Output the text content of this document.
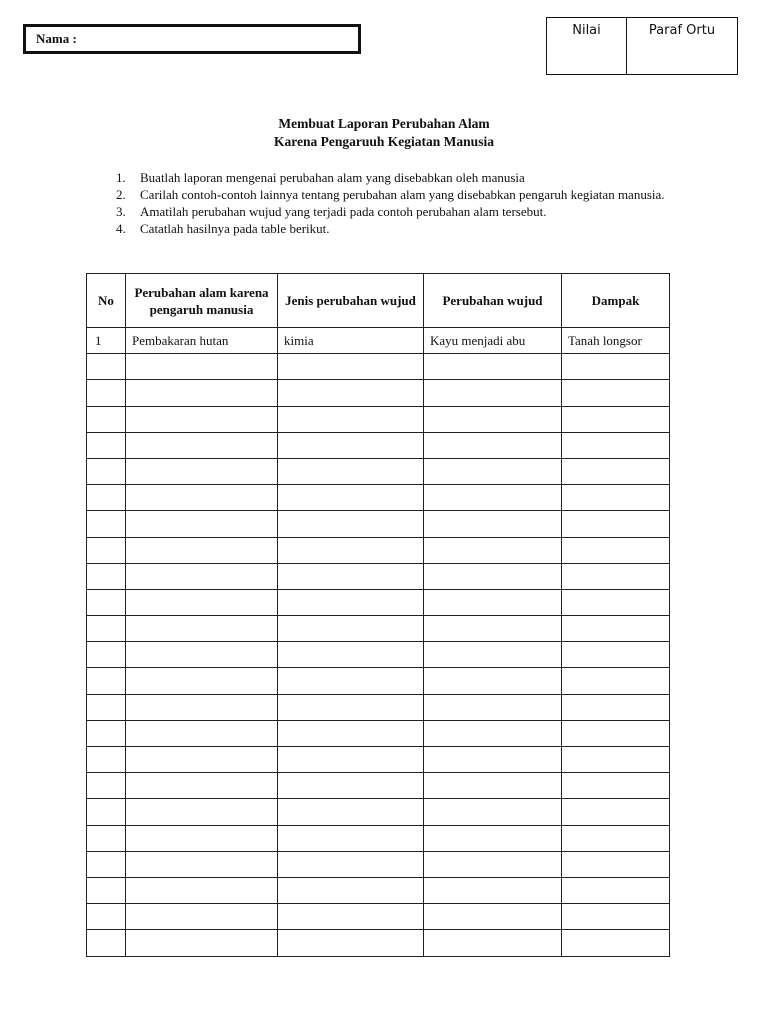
Nama :
Nilai	Paraf Ortu
Membuat Laporan Perubahan Alam
Karena Pengaruuh Kegiatan Manusia
1.	Buatlah laporan mengenai perubahan alam yang disebabkan oleh manusia
2.	Carilah contoh-contoh lainnya tentang perubahan alam yang disebabkan pengaruh kegiatan manusia.
3.	Amatilah perubahan wujud yang terjadi pada contoh perubahan alam tersebut.
4.	Catatlah hasilnya pada table berikut.
No	Perubahan alam karena pengaruh manusia	Jenis perubahan wujud	Perubahan wujud	Dampak
1	Pembakaran hutan	kimia	Kayu menjadi abu	Tanah longsor
